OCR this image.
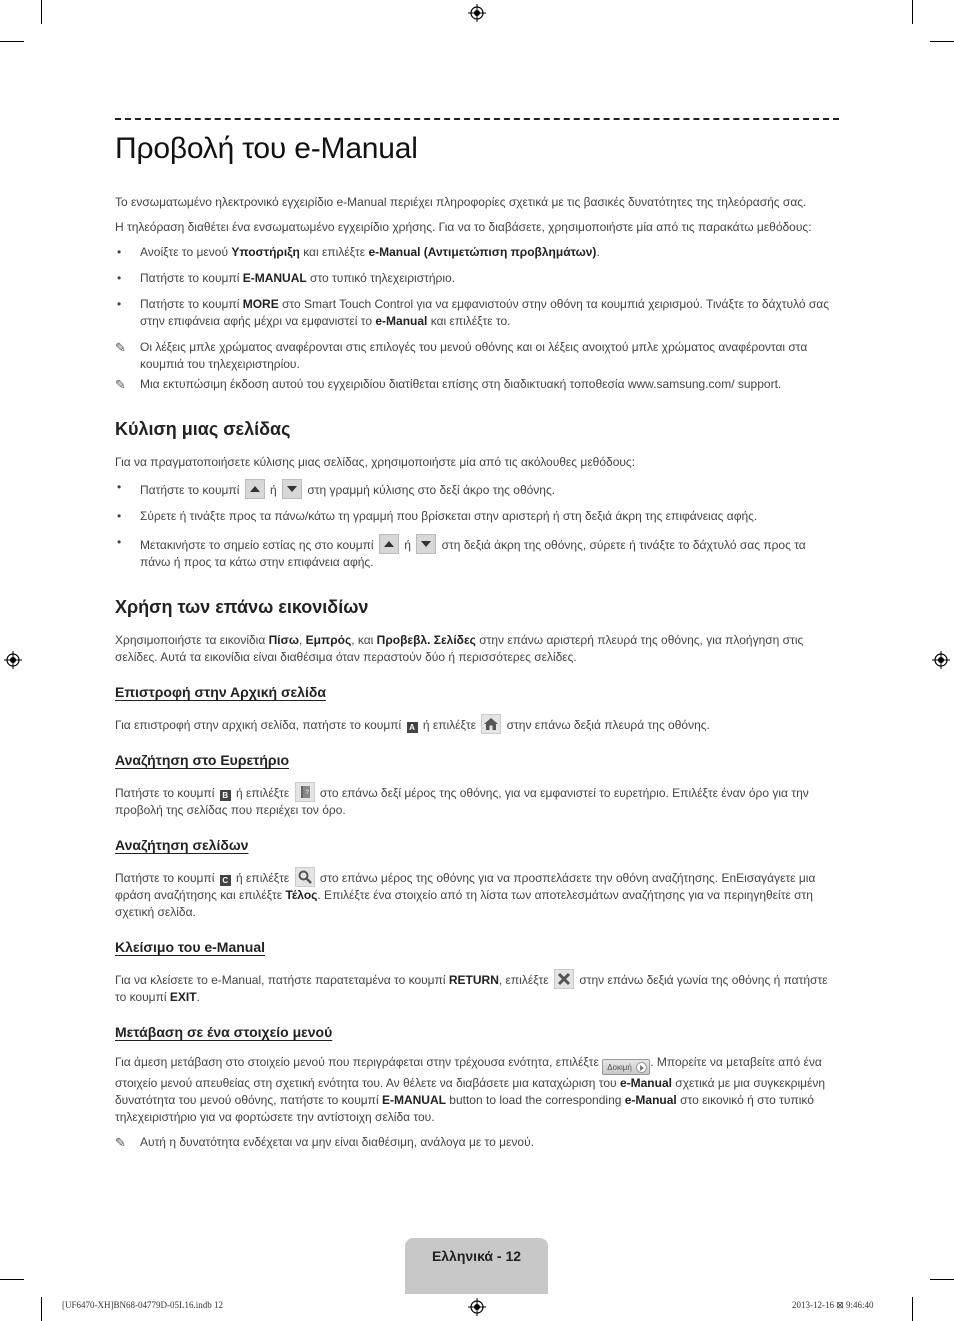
Προβολή του e-Manual

Το ενσωματωμένο ηλεκτρονικό εγχειρίδιο e-Manual περιέχει πληροφορίες σχετικά με τις βασικές δυνατότητες της τηλεόρασής σας.

Η τηλεόραση διαθέτει ένα ενσωματωμένο εγχειρίδιο χρήσης. Για να το διαβάσετε, χρησιμοποιήστε μία από τις παρακάτω μεθόδους:

• Ανοίξτε το μενού Υποστήριξη και επιλέξτε e-Manual (Αντιμετώπιση προβλημάτων).
• Πατήστε το κουμπί E-MANUAL στο τυπικό τηλεχειριστήριο.
• Πατήστε το κουμπί MORE στο Smart Touch Control για να εμφανιστούν στην οθόνη τα κουμπιά χειρισμού. Τινάξτε το δάχτυλό σας στην επιφάνεια αφής μέχρι να εμφανιστεί το e-Manual και επιλέξτε το.
✎ Οι λέξεις μπλε χρώματος αναφέρονται στις επιλογές του μενού οθόνης και οι λέξεις ανοιχτού μπλε χρώματος αναφέρονται στα κουμπιά του τηλεχειριστηρίου.
✎ Μια εκτυπώσιμη έκδοση αυτού του εγχειριδίου διατίθεται επίσης στη διαδικτυακή τοποθεσία www.samsung.com/ support.
Κύλιση μιας σελίδας

Για να πραγματοποιήσετε κύλισης μιας σελίδας, χρησιμοποιήστε μία από τις ακόλουθες μεθόδους:

• Πατήστε το κουμπί
ή
στη γραμμή κύλισης στο δεξί άκρο της οθόνης.
• Σύρετε ή τινάξτε προς τα πάνω/κάτω τη γραμμή που βρίσκεται στην αριστερή ή στη δεξιά άκρη της επιφάνειας αφής.
• Μετακινήστε το σημείο εστίας ης στο κουμπί
ή
στη δεξιά άκρη της οθόνης, σύρετε ή τινάξτε το δάχτυλό σας προς τα πάνω ή προς τα κάτω στην επιφάνεια αφής.
Χρήση των επάνω εικονιδίων

Χρησιμοποιήστε τα εικονίδια Πίσω, Εμπρός, και Προβεβλ. Σελίδες στην επάνω αριστερή πλευρά της οθόνης, για πλοήγηση στις σελίδες. Αυτά τα εικονίδια είναι διαθέσιμα όταν περαστούν δύο ή περισσότερες σελίδες.

Επιστροφή στην Αρχική σελίδα

Για επιστροφή στην αρχική σελίδα, πατήστε το κουμπί A ή επιλέξτε
στην επάνω δεξιά πλευρά της οθόνης.

Αναζήτηση στο Ευρετήριο

Πατήστε το κουμπί B ή επιλέξτε ? στο επάνω δεξί μέρος της οθόνης, για να εμφανιστεί το ευρετήριο. Επιλέξτε έναν όρο για την προβολή της σελίδας που περιέχει τον όρο.

Αναζήτηση σελίδων

Πατήστε το κουμπί C ή επιλέξτε
στο επάνω μέρος της οθόνης για να προσπελάσετε την οθόνη αναζήτησης. ΕnΕισαγάγετε μια φράση αναζήτησης και επιλέξτε Τέλος. Επιλέξτε ένα στοιχείο από τη λίστα των αποτελεσμάτων αναζήτησης για να περιηγηθείτε στη σχετική σελίδα.

Κλείσιμο του e-Manual

Για να κλείσετε το e-Manual, πατήστε παρατεταμένα το κουμπί RETURN, επιλέξτε
στην επάνω δεξιά γωνία της οθόνης ή πατήστε το κουμπί EXIT.

Μετάβαση σε ένα στοιχείο μενού

Για άμεση μετάβαση στο στοιχείο μενού που περιγράφεται στην τρέχουσα ενότητα, επιλέξτε Δοκιμή . Μπορείτε να μεταβείτε από ένα στοιχείο μενού απευθείας στη σχετική ενότητα του. Αν θέλετε να διαβάσετε μια καταχώριση του e-Manual σχετικά με μια συγκεκριμένη δυνατότητα του μενού οθόνης, πατήστε το κουμπί E-MANUAL button to load the corresponding e-Manual στο εικονικό ή στο τυπικό τηλεχειριστήριο για να φορτώσετε την αντίστοιχη σελίδα του.

✎ Αυτή η δυνατότητα ενδέχεται να μην είναι διαθέσιμη, ανάλογα με το μενού.
Ελληνικά - 12
[UF6470-XH]BN68-04779D-05L16.indb 12	2013-12-16 ⊠ 9:46:40
